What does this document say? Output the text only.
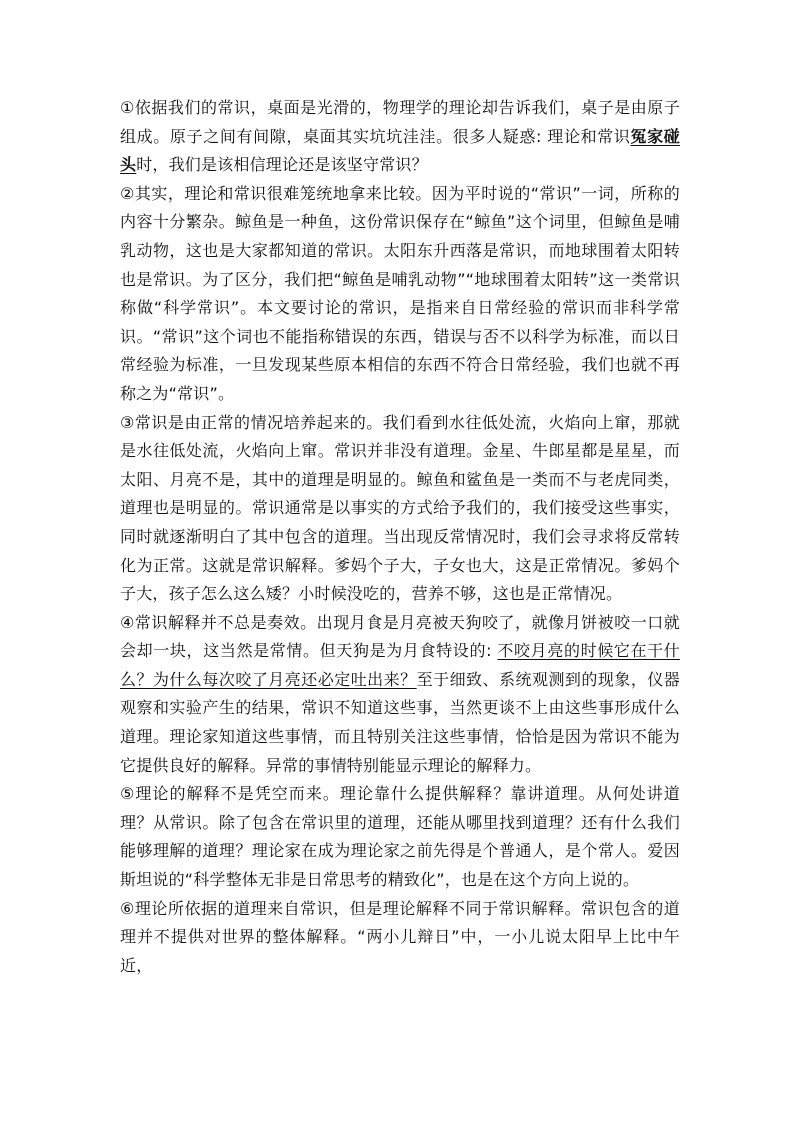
①依据我们的常识，桌面是光滑的，物理学的理论却告诉我们，桌子是由原子组成。原子之间有间隙，桌面其实坑坑洼洼。很多人疑惑: 理论和常识冤家碰头时，我们是该相信理论还是该坚守常识？

②其实，理论和常识很难笼统地拿来比较。因为平时说的“常识”一词，所称的内容十分繁杂。鲸鱼是一种鱼，这份常识保存在“鲸鱼”这个词里，但鲸鱼是哺乳动物，这也是大家都知道的常识。太阳东升西落是常识，而地球围着太阳转也是常识。为了区分，我们把“鲸鱼是哺乳动物”“地球围着太阳转”这一类常识称做“科学常识”。本文要讨论的常识，是指来自日常经验的常识而非科学常识。“常识”这个词也不能指称错误的东西，错误与否不以科学为标准，而以日常经验为标准，一旦发现某些原本相信的东西不符合日常经验，我们也就不再称之为“常识”。

③常识是由正常的情况培养起来的。我们看到水往低处流，火焰向上窜，那就是水往低处流，火焰向上窜。常识并非没有道理。金星、牛郎星都是星星，而太阳、月亮不是，其中的道理是明显的。鲸鱼和鲨鱼是一类而不与老虎同类，道理也是明显的。常识通常是以事实的方式给予我们的，我们接受这些事实，同时就逐渐明白了其中包含的道理。当出现反常情况时，我们会寻求将反常转化为正常。这就是常识解释。爹妈个子大，子女也大，这是正常情况。爹妈个子大，孩子怎么这么矮？小时候没吃的，营养不够，这也是正常情况。

④常识解释并不总是奏效。出现月食是月亮被天狗咬了，就像月饼被咬一口就会却一块，这当然是常情。但天狗是为月食特设的: 不咬月亮的时候它在干什么？为什么每次咬了月亮还必定吐出来？至于细致、系统观测到的现象，仪器观察和实验产生的结果，常识不知道这些事，当然更谈不上由这些事形成什么道理。理论家知道这些事情，而且特别关注这些事情，恰恰是因为常识不能为它提供良好的解释。异常的事情特别能显示理论的解释力。

⑤理论的解释不是凭空而来。理论靠什么提供解释？靠讲道理。从何处讲道理？从常识。除了包含在常识里的道理，还能从哪里找到道理？还有什么我们能够理解的道理？理论家在成为理论家之前先得是个普通人，是个常人。爱因斯坦说的“科学整体无非是日常思考的精致化”，也是在这个方向上说的。

⑥理论所依据的道理来自常识，但是理论解释不同于常识解释。常识包含的道理并不提供对世界的整体解释。“两小儿辩日”中，一小儿说太阳早上比中午近，
